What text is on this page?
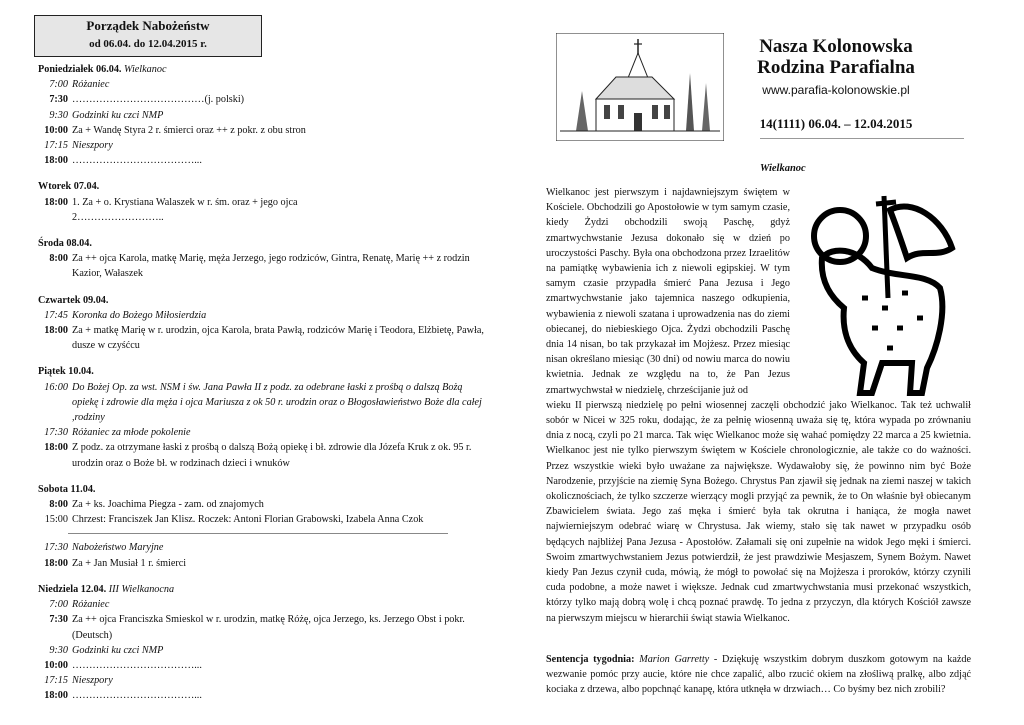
Porządek Nabożeństw
od 06.04. do 12.04.2015 r.
Poniedziałek 06.04. Wielkanoc
7:00 Różaniec
7:30 …………………………………(j. polski)
9:30 Godzinki ku czci NMP
10:00 Za + Wandę Styra 2 r. śmierci oraz ++ z pokr. z obu stron
17:15 Nieszpory
18:00 ………………………………...
Wtorek 07.04.
18:00 1. Za + o. Krystiana Walaszek w r. śm. oraz + jego ojca
2……………………..
Środa 08.04.
8:00 Za ++ ojca Karola, matkę Marię, męża Jerzego, jego rodziców, Gintra, Renatę, Marię ++ z rodzin Kazior, Wałaszek
Czwartek 09.04.
17:45 Koronka do Bożego Miłosierdzia
18:00 Za + matkę Marię w r. urodzin, ojca Karola, brata Pawłą, rodziców Marię i Teodora, Elżbietę, Pawła, dusze w czyśćcu
Piątek 10.04.
16:00 Do Bożej Op. za wst. NSM i św. Jana Pawła II z podz. za odebrane łaski z prośbą o dalszą Bożą opiekę i zdrowie dla męża i ojca Mariusza z ok 50 r. urodzin oraz o Błogosławieństwo Boże dla całej ,rodziny
17:30 Różaniec za młode pokolenie
18:00 Z podz. za otrzymane łaski z prośbą o dalszą Bożą opiekę i bł. zdrowie dla Józefa Kruk z ok. 95 r. urodzin oraz o Boże bł. w rodzinach dzieci i wnuków
Sobota 11.04.
8:00 Za + ks. Joachima Piegza - zam. od znajomych
15:00 Chrzest: Franciszek Jan Klisz. Roczek: Antoni Florian Grabowski, Izabela Anna Czok
17:30 Nabożeństwo Maryjne
18:00 Za + Jan Musiał 1 r. śmierci
Niedziela 12.04. III Wielkanocna
7:00 Różaniec
7:30 Za ++ ojca Franciszka Smieskol w r. urodzin, matkę Różę, ojca Jerzego, ks. Jerzego Obst i pokr.(Deutsch)
9:30 Godzinki ku czci NMP
10:00 ………………………………...
17:15 Nieszpory
18:00 ………………………………...
Nasza Kolonowska
Rodzina Parafialna
www.parafia-kolonowskie.pl
14(1111) 06.04. – 12.04.2015
Wielkanoc

Wielkanoc jest pierwszym i najdawniejszym świętem w Kościele. Obchodzili go Apostołowie w tym samym czasie, kiedy Żydzi obchodzili swoją Paschę, gdyż zmartwychwstanie Jezusa dokonało się w dzień po uroczystości Paschy. Była ona obchodzona przez Izraelitów na pamiątkę wybawienia ich z niewoli egipskiej. W tym samym czasie przypadła śmierć Pana Jezusa i Jego zmartwychwstanie jako tajemnica naszego odkupienia, wybawienia z niewoli szatana i uprowadzenia nas do ziemi obiecanej, do niebieskiego Ojca. Żydzi obchodzili Paschę dnia 14 nisan, bo tak przykazał im Mojżesz. Przez miesiąc nisan określano miesiąc (30 dni) od nowiu marca do nowiu kwietnia. Jednak ze względu na to, że Pan Jezus zmartwychwstał w niedzielę, chrześcijanie już od

wieku II pierwszą niedzielę po pełni wiosennej zaczęli obchodzić jako Wielkanoc. Tak też uchwalił sobór w Nicei w 325 roku, dodając, że za pełnię wiosenną uważa się tę, która wypada po zrównaniu dnia z nocą, czyli po 21 marca. Tak więc Wielkanoc może się wahać pomiędzy 22 marca a 25 kwietnia. Wielkanoc jest nie tylko pierwszym świętem w Kościele chronologicznie, ale także co do ważności. Przez wszystkie wieki było uważane za największe. Wydawałoby się, że powinno nim być Boże Narodzenie, przyjście na ziemię Syna Bożego. Chrystus Pan zjawił się jednak na ziemi naszej w takich okolicznościach, że tylko szczerze wierzący mogli przyjąć za pewnik, że to On właśnie był obiecanym Zbawicielem świata. Jego zaś męka i śmierć była tak okrutna i haniąca, że mogła nawet najwierniejszym odebrać wiarę w Chrystusa. Jak wiemy, stało się tak nawet w przypadku osób będących najbliżej Pana Jezusa - Apostołów. Załamali się oni zupełnie na widok Jego męki i śmierci. Swoim zmartwychwstaniem Jezus potwierdził, że jest prawdziwie Mesjaszem, Synem Bożym. Nawet kiedy Pan Jezus czynił cuda, mówią, że mógł to powołać się na Mojżesza i proroków, którzy czynili cuda podobne, a może nawet i większe. Jednak cud zmartwychwstania musi przekonać wszystkich, którzy tylko mają dobrą wolę i chcą poznać prawdę. To jedna z przyczyn, dla których Kościół zawsze na pierwszym miejscu w hierarchii świąt stawia Wielkanoc.

Sentencja tygodnia: Marion Garretty - Dziękuję wszystkim dobrym duszkom gotowym na każde wezwanie pomóc przy aucie, które nie chce zapalić, albo rzucić okiem na złośliwą pralkę, albo zdjąć kociaka z drzewa, albo popchnąć kanapę, która utknęła w drzwiach… Co byśmy bez nich zrobili?
